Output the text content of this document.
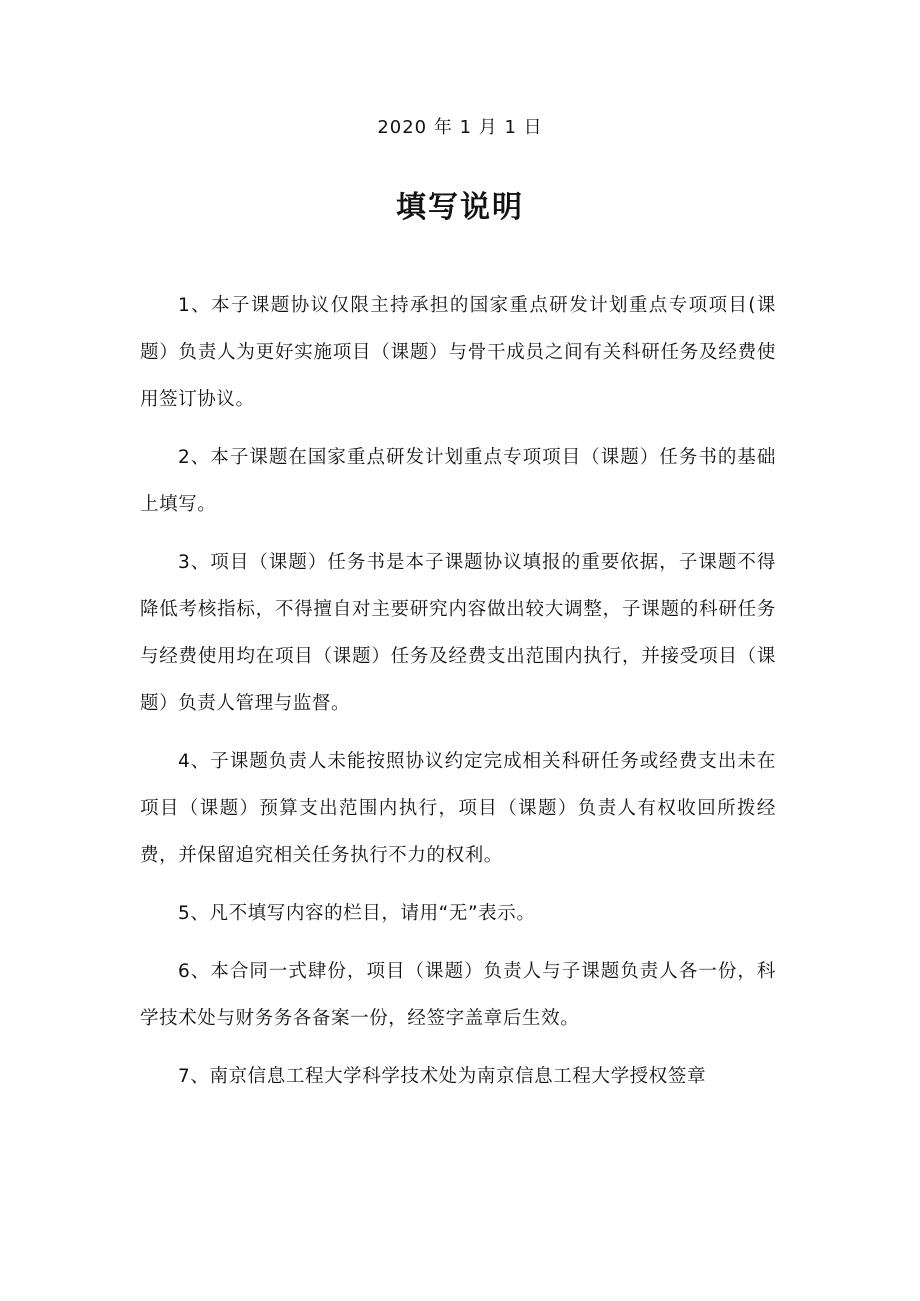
2020 年 1 月 1 日
填写说明

1、本子课题协议仅限主持承担的国家重点研发计划重点专项项目(课题）负责人为更好实施项目（课题）与骨干成员之间有关科研任务及经费使用签订协议。

2、本子课题在国家重点研发计划重点专项项目（课题）任务书的基础上填写。

3、项目（课题）任务书是本子课题协议填报的重要依据，子课题不得降低考核指标，不得擅自对主要研究内容做出较大调整，子课题的科研任务与经费使用均在项目（课题）任务及经费支出范围内执行，并接受项目（课题）负责人管理与监督。

4、子课题负责人未能按照协议约定完成相关科研任务或经费支出未在项目（课题）预算支出范围内执行，项目（课题）负责人有权收回所拨经费，并保留追究相关任务执行不力的权利。

5、凡不填写内容的栏目，请用“无”表示。

6、本合同一式肆份，项目（课题）负责人与子课题负责人各一份，科学技术处与财务务各备案一份，经签字盖章后生效。

7、南京信息工程大学科学技术处为南京信息工程大学授权签章
